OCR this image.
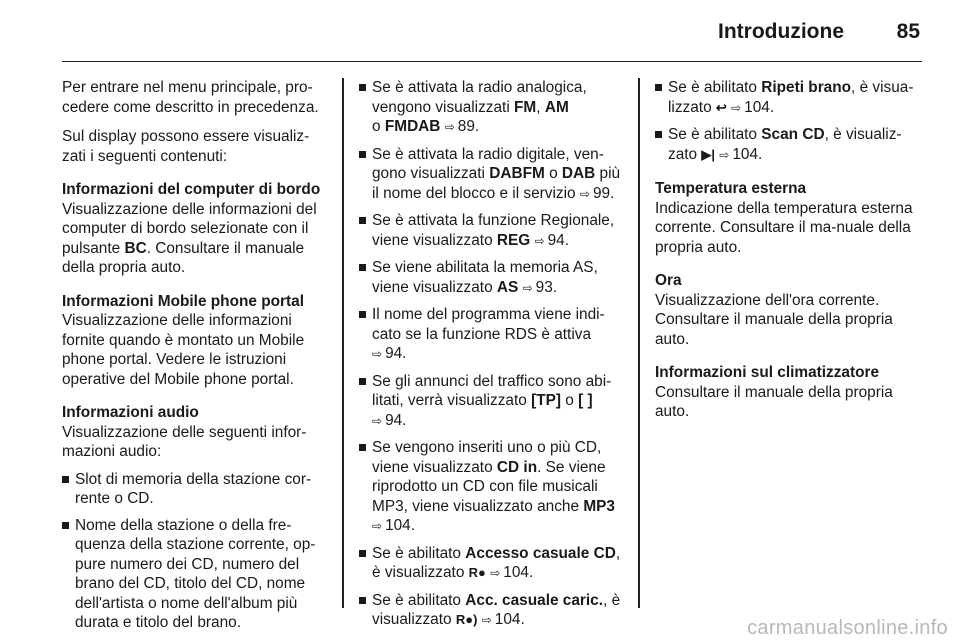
Introduzione	85

Per entrare nel menu principale, pro-cedere come descritto in precedenza.

Sul display possono essere visualiz-zati i seguenti contenuti:

Informazioni del computer di bordo
Visualizzazione delle informazioni del computer di bordo selezionate con il pulsante BC. Consultare il manuale della propria auto.
Informazioni Mobile phone portal
Visualizzazione delle informazioni fornite quando è montato un Mobile phone portal. Vedere le istruzioni operative del Mobile phone portal.
Informazioni audio
Visualizzazione delle seguenti infor-mazioni audio:
Slot di memoria della stazione cor-rente o CD.
Nome della stazione o della fre-quenza della stazione corrente, op-pure numero dei CD, numero del brano del CD, titolo del CD, nome dell'artista o nome dell'album più durata e titolo del brano.
Se è attivata la radio analogica, vengono visualizzati FM, AM
o FMDAB ⇨ 89.
Se è attivata la radio digitale, ven-gono visualizzati DABFM o DAB più il nome del blocco e il servizio ⇨ 99.
Se è attivata la funzione Regionale, viene visualizzato REG ⇨ 94.
Se viene abilitata la memoria AS, viene visualizzato AS ⇨ 93.
Il nome del programma viene indi-cato se la funzione RDS è attiva ⇨ 94.
Se gli annunci del traffico sono abi-litati, verrà visualizzato [TP] o [ ] ⇨ 94.
Se vengono inseriti uno o più CD, viene visualizzato CD in. Se viene riprodotto un CD con file musicali MP3, viene visualizzato anche MP3 ⇨ 104.
Se è abilitato Accesso casuale CD, è visualizzato R● ⇨ 104.
Se è abilitato Acc. casuale caric., è visualizzato R●) ⇨ 104.
Se è abilitato Ripeti brano, è visua-lizzato ↩ ⇨ 104.
Se è abilitato Scan CD, è visualiz-zato ▶| ⇨ 104.
Temperatura esterna
Indicazione della temperatura esterna corrente. Consultare il ma-nuale della propria auto.
Ora
Visualizzazione dell'ora corrente. Consultare il manuale della propria auto.
Informazioni sul climatizzatore
Consultare il manuale della propria auto.
carmanualsonline.info
